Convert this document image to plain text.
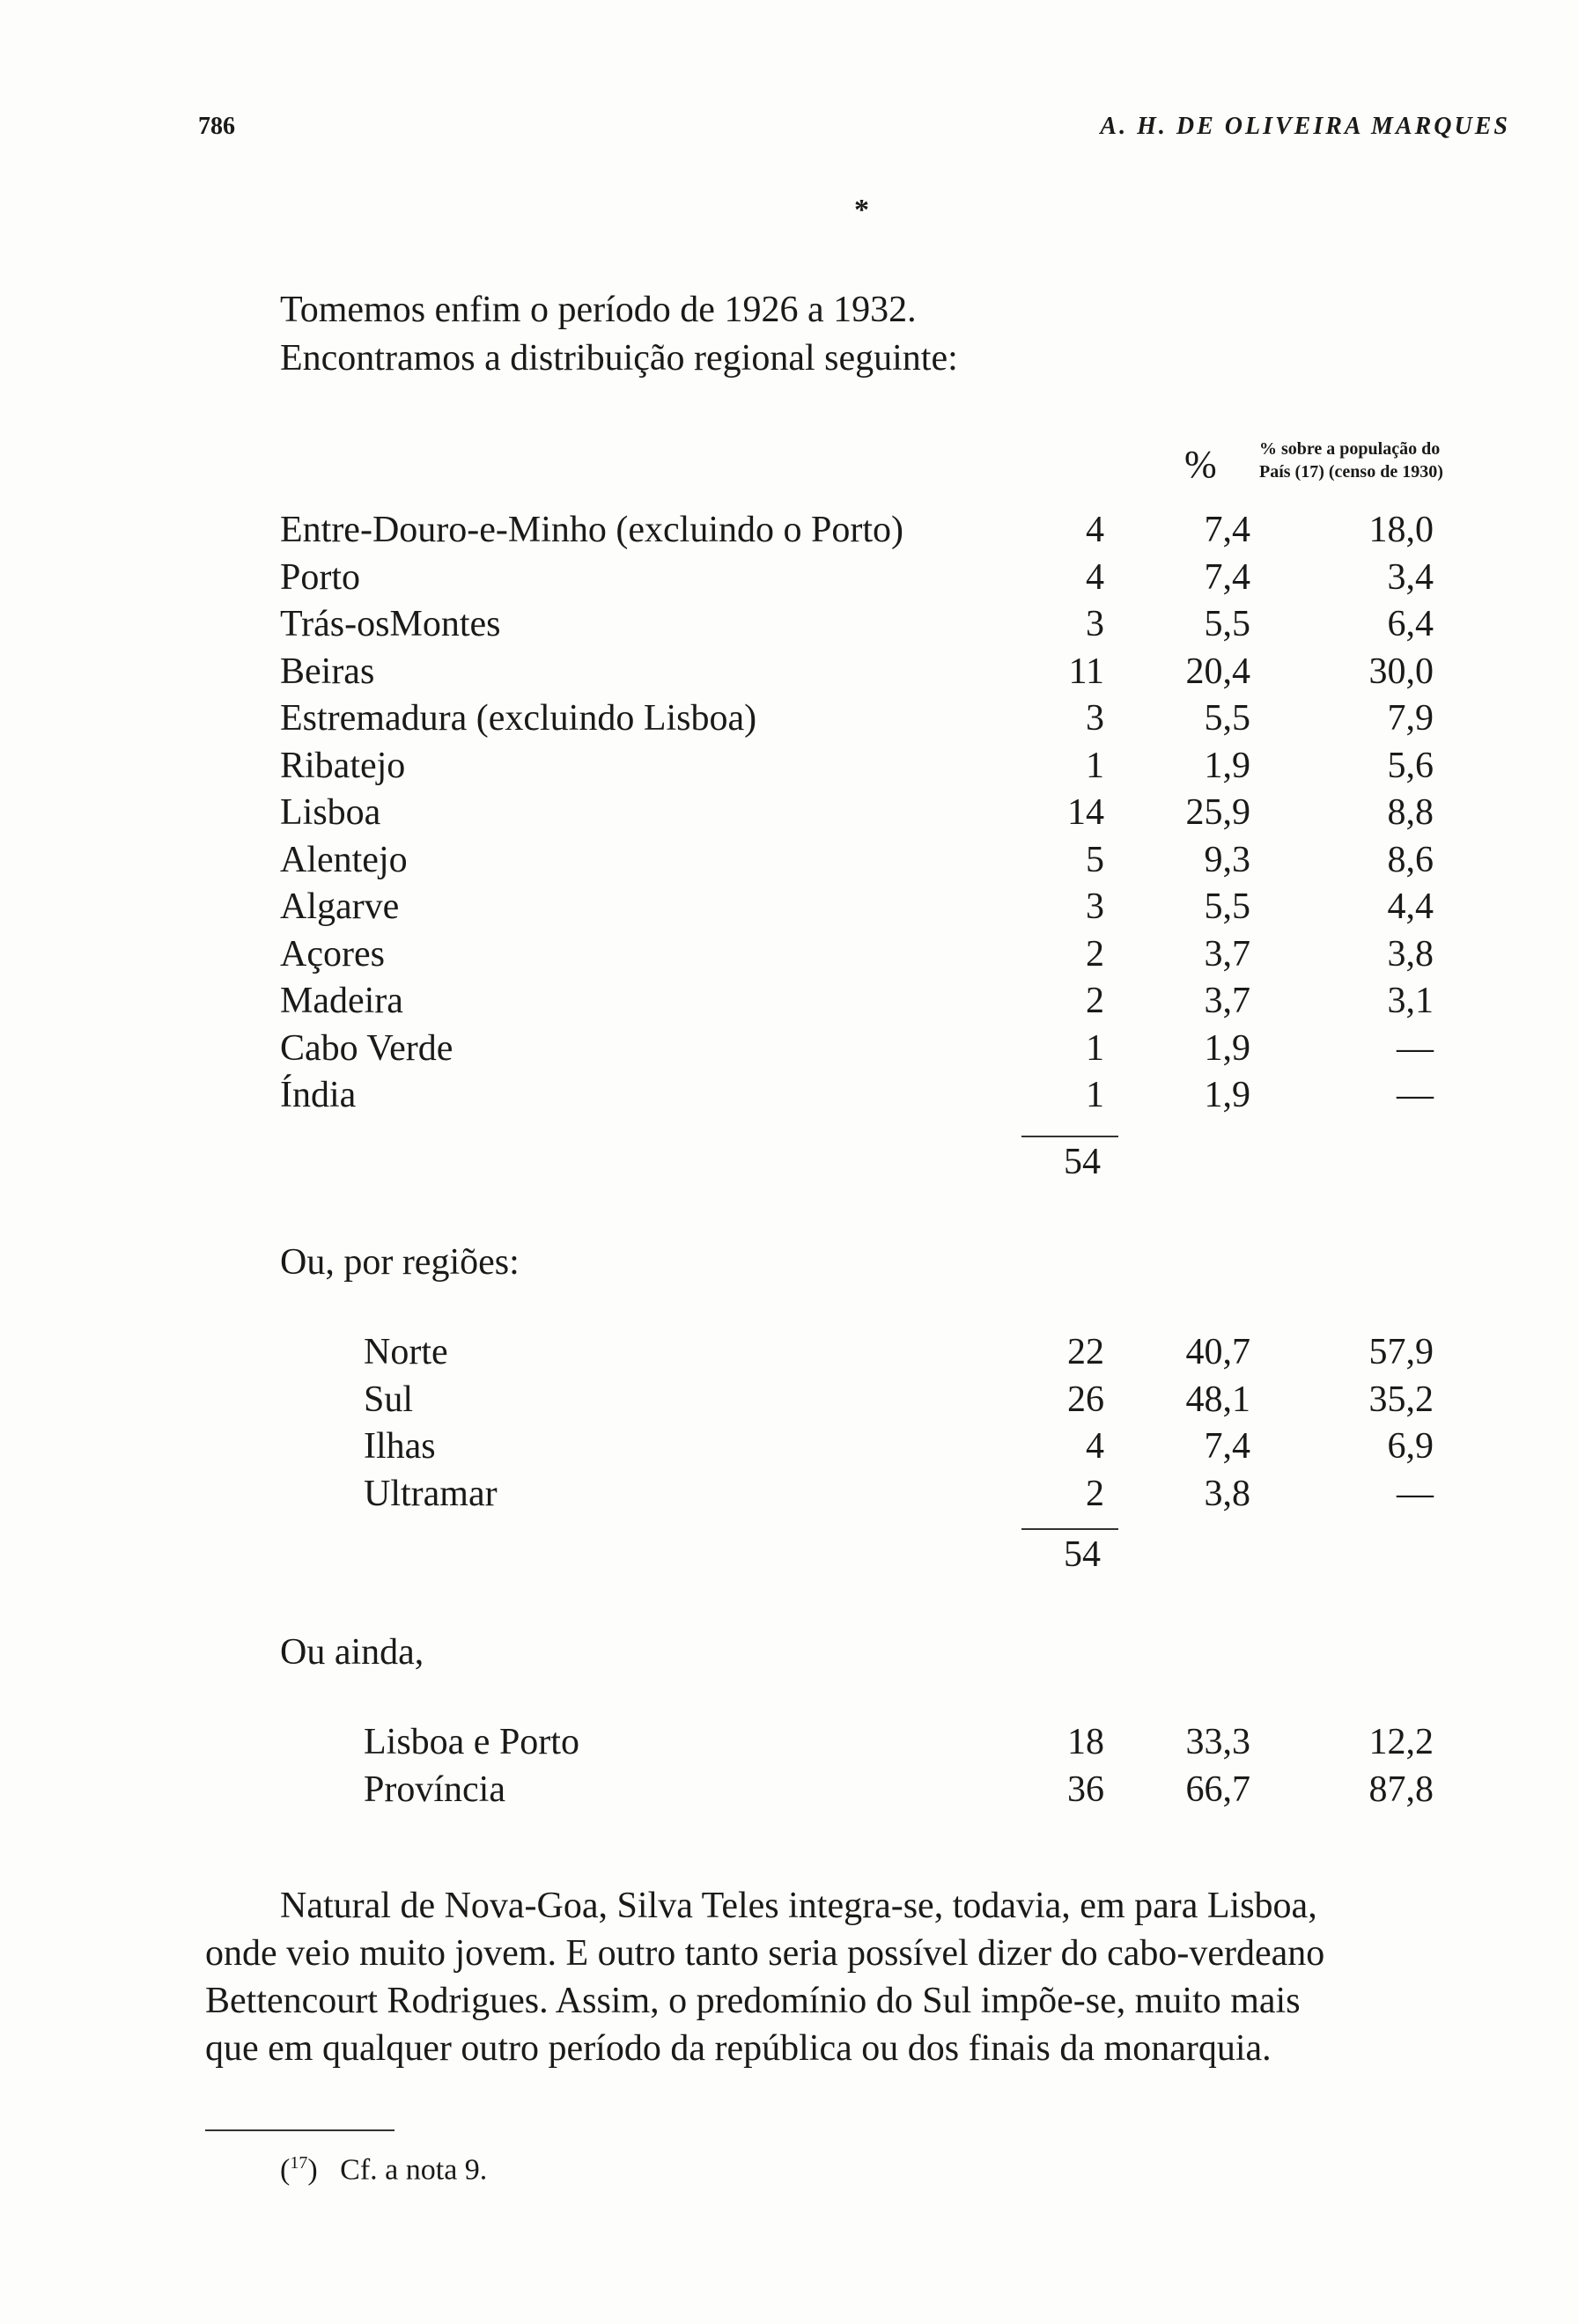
786	A. H. DE OLIVEIRA MARQUES
*
Tomemos enfim o período de 1926 a 1932.
Encontramos a distribuição regional seguinte:
% % sobre a população do
País (17) (censo de 1930)
Entre-Douro-e-Minho (excluindo o Porto)	4	7,4	18,0
Porto	4	7,4	3,4
Trás-osMontes	3	5,5	6,4
Beiras	11 20,4	30,0
Estremadura (excluindo Lisboa)	3	5,5	7,9
Ribatejo	1	1,9	5,6
Lisboa	14 25,9	8,8
Alentejo	5	9,3	8,6
Algarve	3	5,5	4,4
Açores	2	3,7	3,8
Madeira	2	3,7	3,1
Cabo Verde	1	1,9	—
Índia	1	1,9	—
54
Ou, por regiões:
Norte	22 40,7	57,9
Sul	26 48,1	35,2
Ilhas	4	7,4	6,9
Ultramar	2	3,8	—
54
Ou ainda,
Lisboa e Porto	18 33,3	12,2
Província	36 66,7	87,8
Natural de Nova-Goa, Silva Teles integra-se, todavia, em para Lisboa,
onde veio muito jovem. E outro tanto seria possível dizer do cabo-verdeano
Bettencourt Rodrigues. Assim, o predomínio do Sul impõe-se, muito mais
que em qualquer outro período da república ou dos finais da monarquia.
($^{17}$)   Cf. a nota 9.
